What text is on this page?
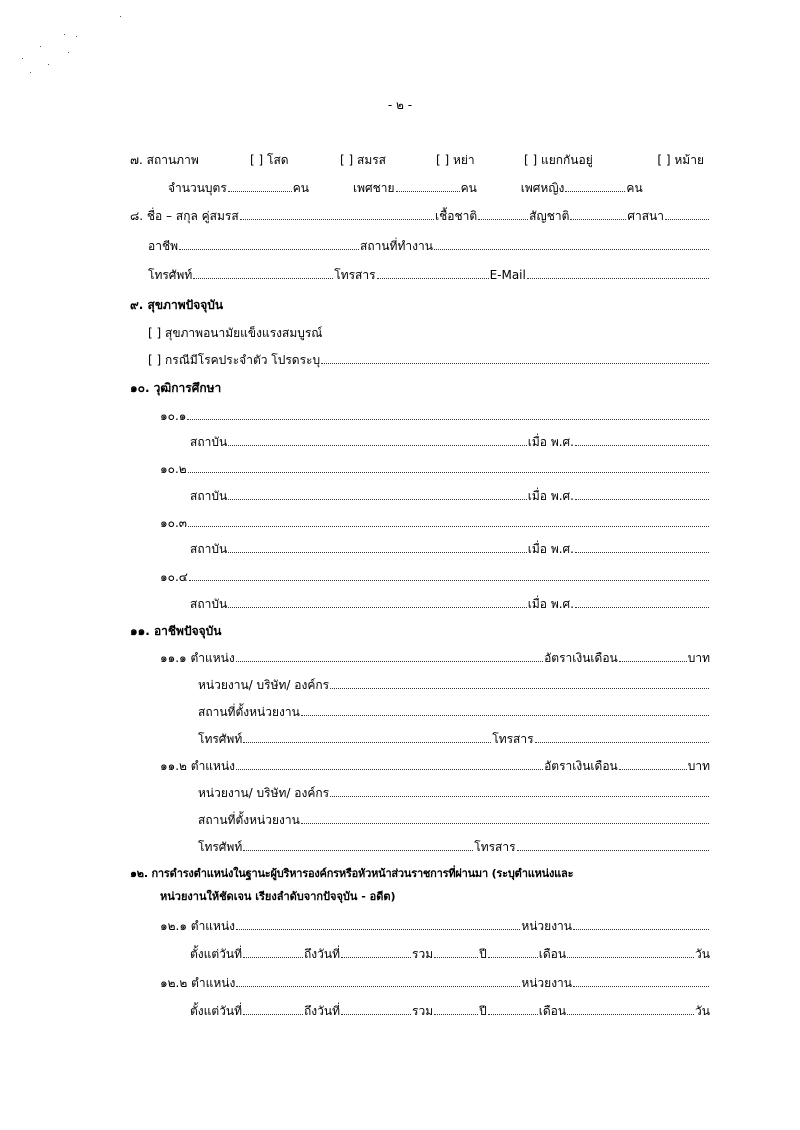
- ๒ -
๗. สถานภาพ	[ ] โสด	[ ] สมรส	[ ] หย่า	[ ] แยกกันอยู่	[ ] หม้าย
จำนวนบุตร	คน	เพศชาย	คน	เพศหญิง	คน
๘. ชื่อ – สกุล คู่สมรส	เชื้อชาติ	สัญชาติ	ศาสนา
อาชีพ	สถานที่ทำงาน
โทรศัพท์	โทรสาร	E-Mail
๙. สุขภาพปัจจุบัน
[ ] สุขภาพอนามัยแข็งแรงสมบูรณ์
[ ] กรณีมีโรคประจำตัว โปรดระบุ
๑๐. วุฒิการศึกษา
๑๐.๑
สถาบัน	เมื่อ พ.ศ.
๑๐.๒
สถาบัน	เมื่อ พ.ศ.
๑๐.๓
สถาบัน	เมื่อ พ.ศ.
๑๐.๔
สถาบัน	เมื่อ พ.ศ.
๑๑. อาชีพปัจจุบัน
๑๑.๑ ตำแหน่ง	อัตราเงินเดือน	บาท
หน่วยงาน/ บริษัท/ องค์กร
สถานที่ตั้งหน่วยงาน
โทรศัพท์	โทรสาร
๑๑.๒ ตำแหน่ง	อัตราเงินเดือน	บาท
หน่วยงาน/ บริษัท/ องค์กร
สถานที่ตั้งหน่วยงาน
โทรศัพท์	โทรสาร
๑๒. การดำรงตำแหน่งในฐานะผู้บริหารองค์กรหรือหัวหน้าส่วนราชการที่ผ่านมา (ระบุตำแหน่งและ
หน่วยงานให้ชัดเจน เรียงลำดับจากปัจจุบัน - อดีต)
๑๒.๑ ตำแหน่ง	หน่วยงาน
ตั้งแต่วันที่	ถึงวันที่	รวม	ปี	เดือน	วัน
๑๒.๒ ตำแหน่ง	หน่วยงาน
ตั้งแต่วันที่	ถึงวันที่	รวม	ปี	เดือน	วัน
